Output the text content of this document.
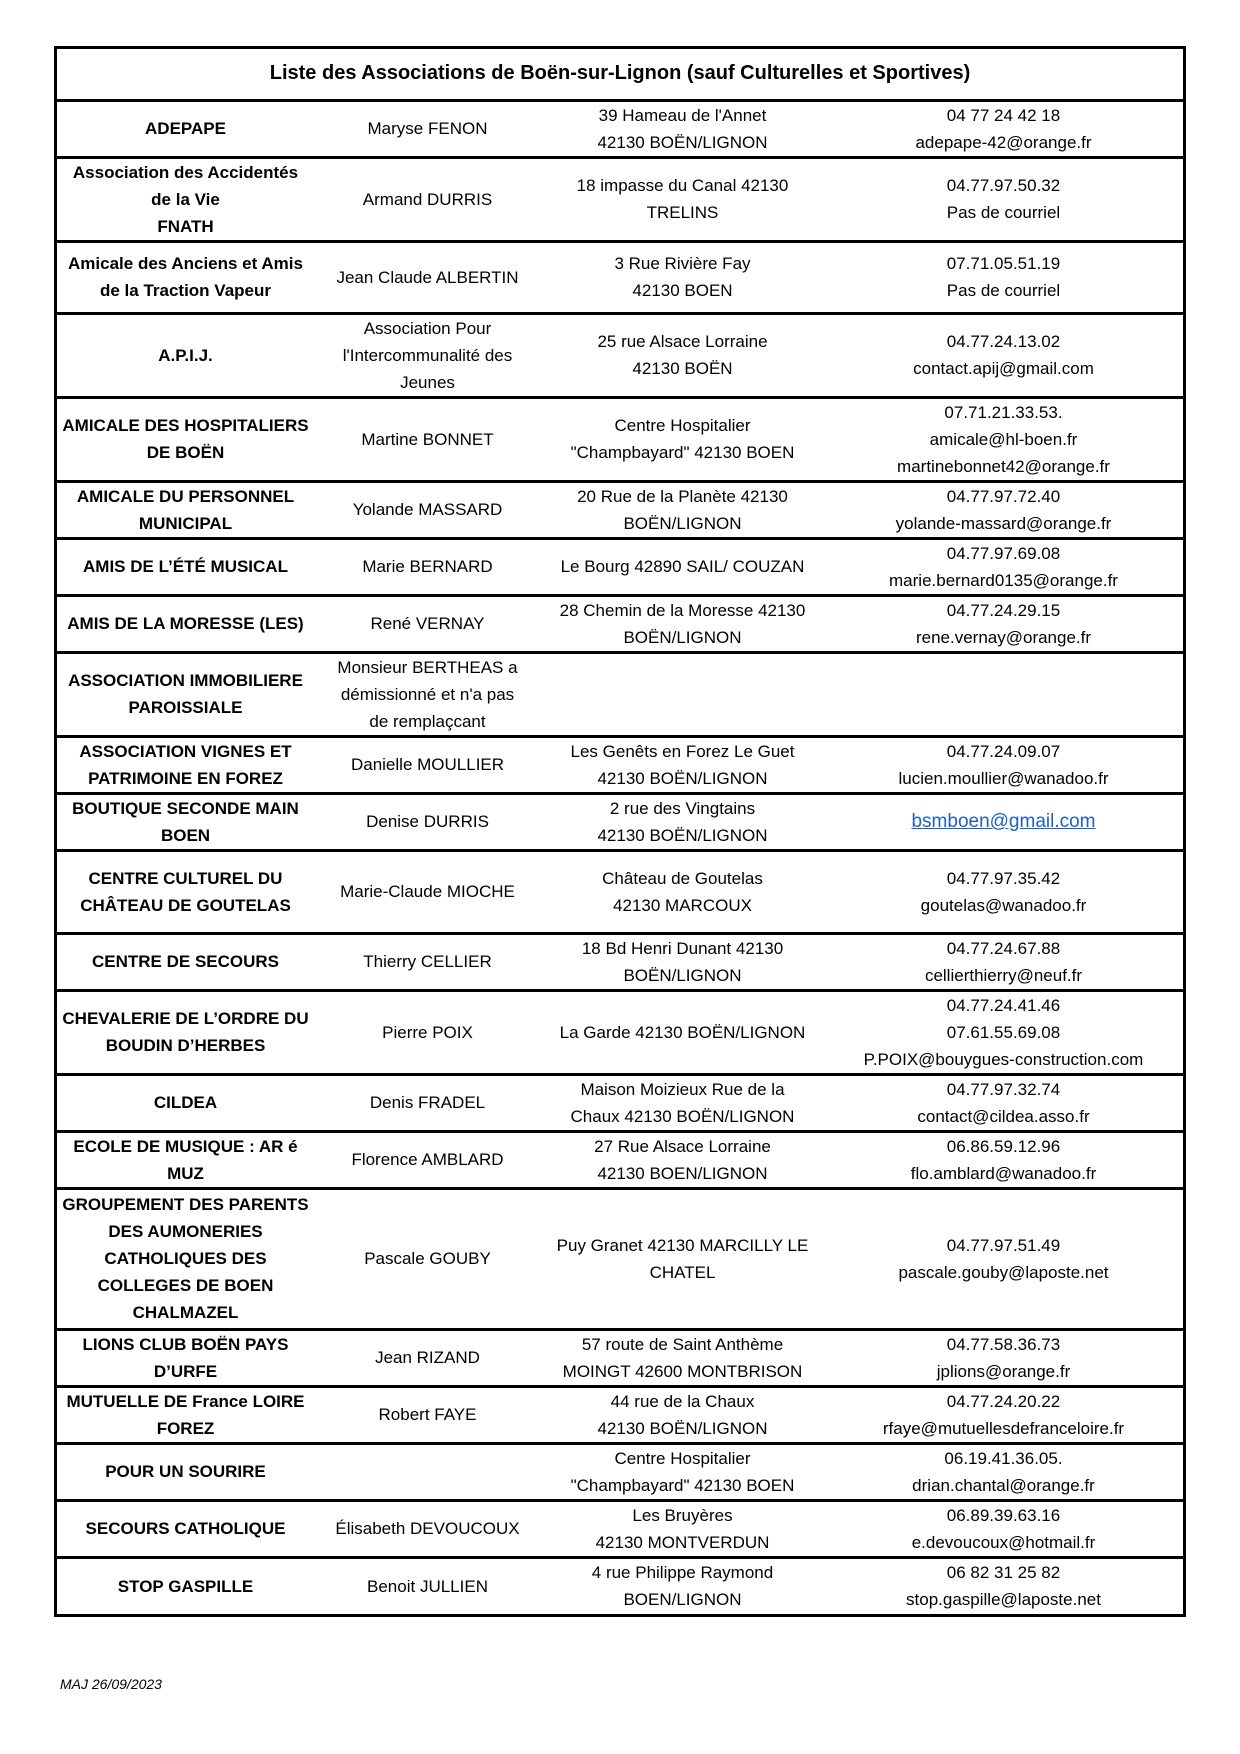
Liste des Associations de Boën-sur-Lignon (sauf Culturelles et Sportives)			

ADEPAPE	Maryse FENON	39 Hameau de l'Annet
42130 BOËN/LIGNON	04 77 24 42 18
adepape-42@orange.fr

Association des Accidentés
de la Vie
FNATH	Armand DURRIS	18 impasse du Canal 42130
TRELINS	04.77.97.50.32
Pas de courriel

Amicale des Anciens et Amis
de la Traction Vapeur	Jean Claude ALBERTIN	3 Rue Rivière Fay
42130 BOEN	07.71.05.51.19
Pas de courriel

A.P.I.J.	Association Pour
l'Intercommunalité des
Jeunes	25 rue Alsace Lorraine
42130 BOËN	04.77.24.13.02
contact.apij@gmail.com

AMICALE DES HOSPITALIERS
DE BOËN	Martine BONNET	Centre Hospitalier
"Champbayard" 42130 BOEN	07.71.21.33.53.
amicale@hl-boen.fr
martinebonnet42@orange.fr

AMICALE DU PERSONNEL
MUNICIPAL	Yolande MASSARD	20 Rue de la Planète 42130
BOËN/LIGNON	04.77.97.72.40
yolande-massard@orange.fr

AMIS DE L’ÉTÉ MUSICAL	Marie BERNARD	Le Bourg 42890 SAIL/ COUZAN	04.77.97.69.08
marie.bernard0135@orange.fr

AMIS DE LA MORESSE (LES)	René VERNAY	28 Chemin de la Moresse 42130
BOËN/LIGNON	04.77.24.29.15
rene.vernay@orange.fr

ASSOCIATION IMMOBILIERE
PAROISSIALE	Monsieur BERTHEAS a
démissionné et n'a pas
de remplaçcant		

ASSOCIATION VIGNES ET
PATRIMOINE EN FOREZ	Danielle MOULLIER	Les Genêts en Forez Le Guet
42130 BOËN/LIGNON	04.77.24.09.07
lucien.moullier@wanadoo.fr

BOUTIQUE SECONDE MAIN
BOEN	Denise DURRIS	2 rue des Vingtains
42130 BOËN/LIGNON	bsmboen@gmail.com

CENTRE CULTUREL DU
CHÂTEAU DE GOUTELAS	Marie-Claude MIOCHE	Château de Goutelas
42130 MARCOUX	04.77.97.35.42
goutelas@wanadoo.fr

CENTRE DE SECOURS	Thierry CELLIER	18 Bd Henri Dunant 42130
BOËN/LIGNON	04.77.24.67.88
cellierthierry@neuf.fr

CHEVALERIE DE L’ORDRE DU
BOUDIN D’HERBES	Pierre POIX	La Garde 42130 BOËN/LIGNON	04.77.24.41.46
07.61.55.69.08
P.POIX@bouygues-construction.com

CILDEA	Denis FRADEL	Maison Moizieux Rue de la
Chaux 42130 BOËN/LIGNON	04.77.97.32.74
contact@cildea.asso.fr

ECOLE DE MUSIQUE : AR é
MUZ	Florence AMBLARD	27 Rue Alsace Lorraine
42130 BOEN/LIGNON	06.86.59.12.96
flo.amblard@wanadoo.fr

GROUPEMENT DES PARENTS
DES AUMONERIES
CATHOLIQUES DES
COLLEGES DE BOEN
CHALMAZEL	Pascale GOUBY	Puy Granet 42130 MARCILLY LE
CHATEL	04.77.97.51.49
pascale.gouby@laposte.net

LIONS CLUB BOËN PAYS
D’URFE	Jean RIZAND	57 route de Saint Anthème
MOINGT 42600 MONTBRISON	04.77.58.36.73
jplions@orange.fr

MUTUELLE DE France LOIRE
FOREZ	Robert FAYE	44 rue de la Chaux
42130 BOËN/LIGNON	04.77.24.20.22
rfaye@mutuellesdefranceloire.fr

POUR UN SOURIRE		Centre Hospitalier
"Champbayard" 42130 BOEN	06.19.41.36.05.
drian.chantal@orange.fr

SECOURS CATHOLIQUE	Élisabeth DEVOUCOUX	Les Bruyères
42130 MONTVERDUN	06.89.39.63.16
e.devoucoux@hotmail.fr

STOP GASPILLE	Benoit JULLIEN	4 rue Philippe Raymond
BOEN/LIGNON	06 82 31 25 82
stop.gaspille@laposte.net
MAJ 26/09/2023
